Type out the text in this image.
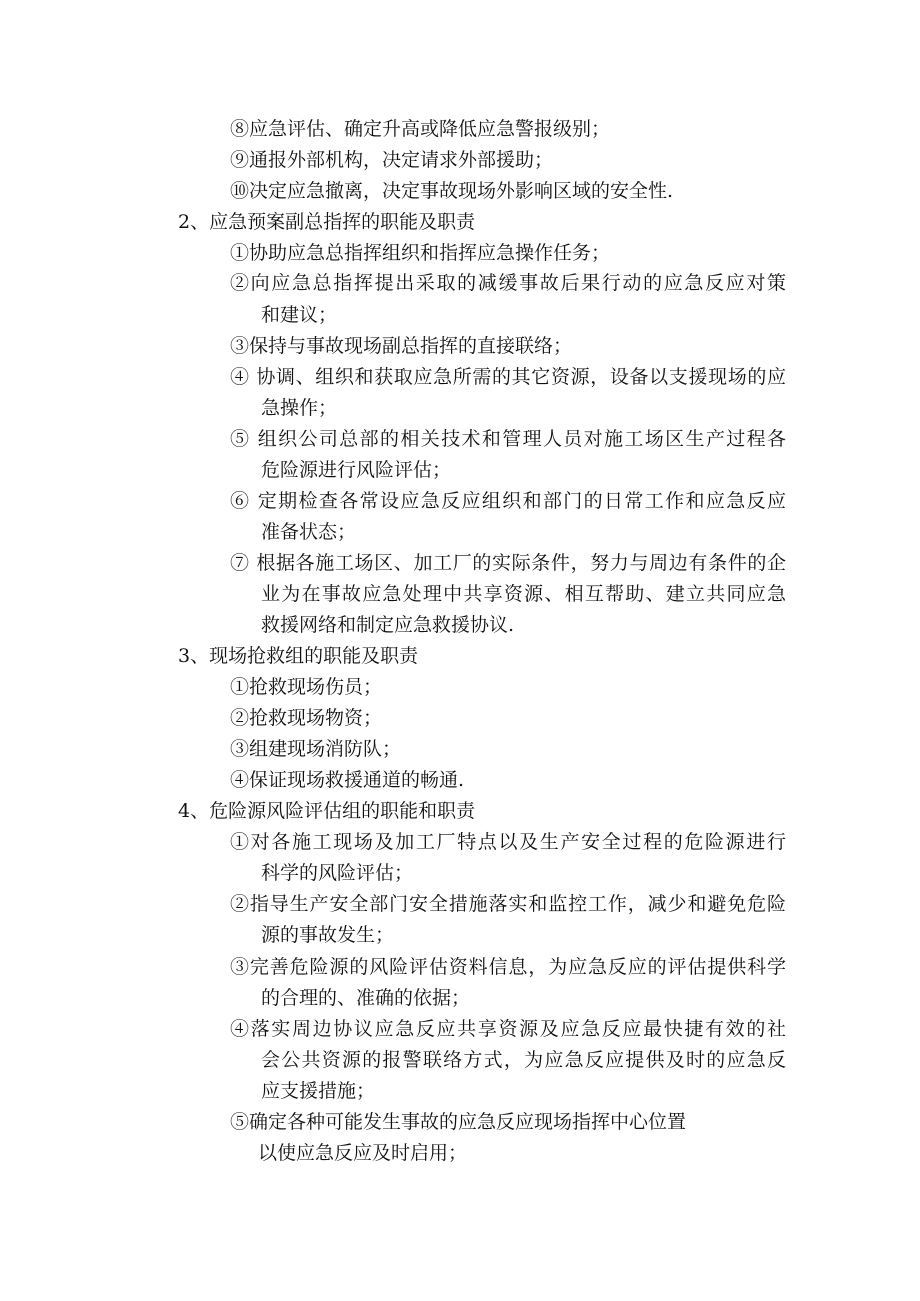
⑧应急评估、确定升高或降低应急警报级别；
⑨通报外部机构，决定请求外部援助；
⑩决定应急撤离，决定事故现场外影响区域的安全性.
2、应急预案副总指挥的职能及职责
①协助应急总指挥组织和指挥应急操作任务；
②向应急总指挥提出采取的减缓事故后果行动的应急反应对策
和建议；
③保持与事故现场副总指挥的直接联络；
④ 协调、组织和获取应急所需的其它资源，设备以支援现场的应
急操作；
⑤ 组织公司总部的相关技术和管理人员对施工场区生产过程各
危险源进行风险评估；
⑥ 定期检查各常设应急反应组织和部门的日常工作和应急反应
准备状态；
⑦ 根据各施工场区、加工厂的实际条件，努力与周边有条件的企
业为在事故应急处理中共享资源、相互帮助、建立共同应急
救援网络和制定应急救援协议.
3、现场抢救组的职能及职责
①抢救现场伤员；
②抢救现场物资；
③组建现场消防队；
④保证现场救援通道的畅通.
4、危险源风险评估组的职能和职责
①对各施工现场及加工厂特点以及生产安全过程的危险源进行
科学的风险评估；
②指导生产安全部门安全措施落实和监控工作，减少和避免危险
源的事故发生；
③完善危险源的风险评估资料信息，为应急反应的评估提供科学
的合理的、准确的依据；
④落实周边协议应急反应共享资源及应急反应最快捷有效的社
会公共资源的报警联络方式，为应急反应提供及时的应急反
应支援措施；
⑤确定各种可能发生事故的应急反应现场指挥中心位置
以使应急反应及时启用；
